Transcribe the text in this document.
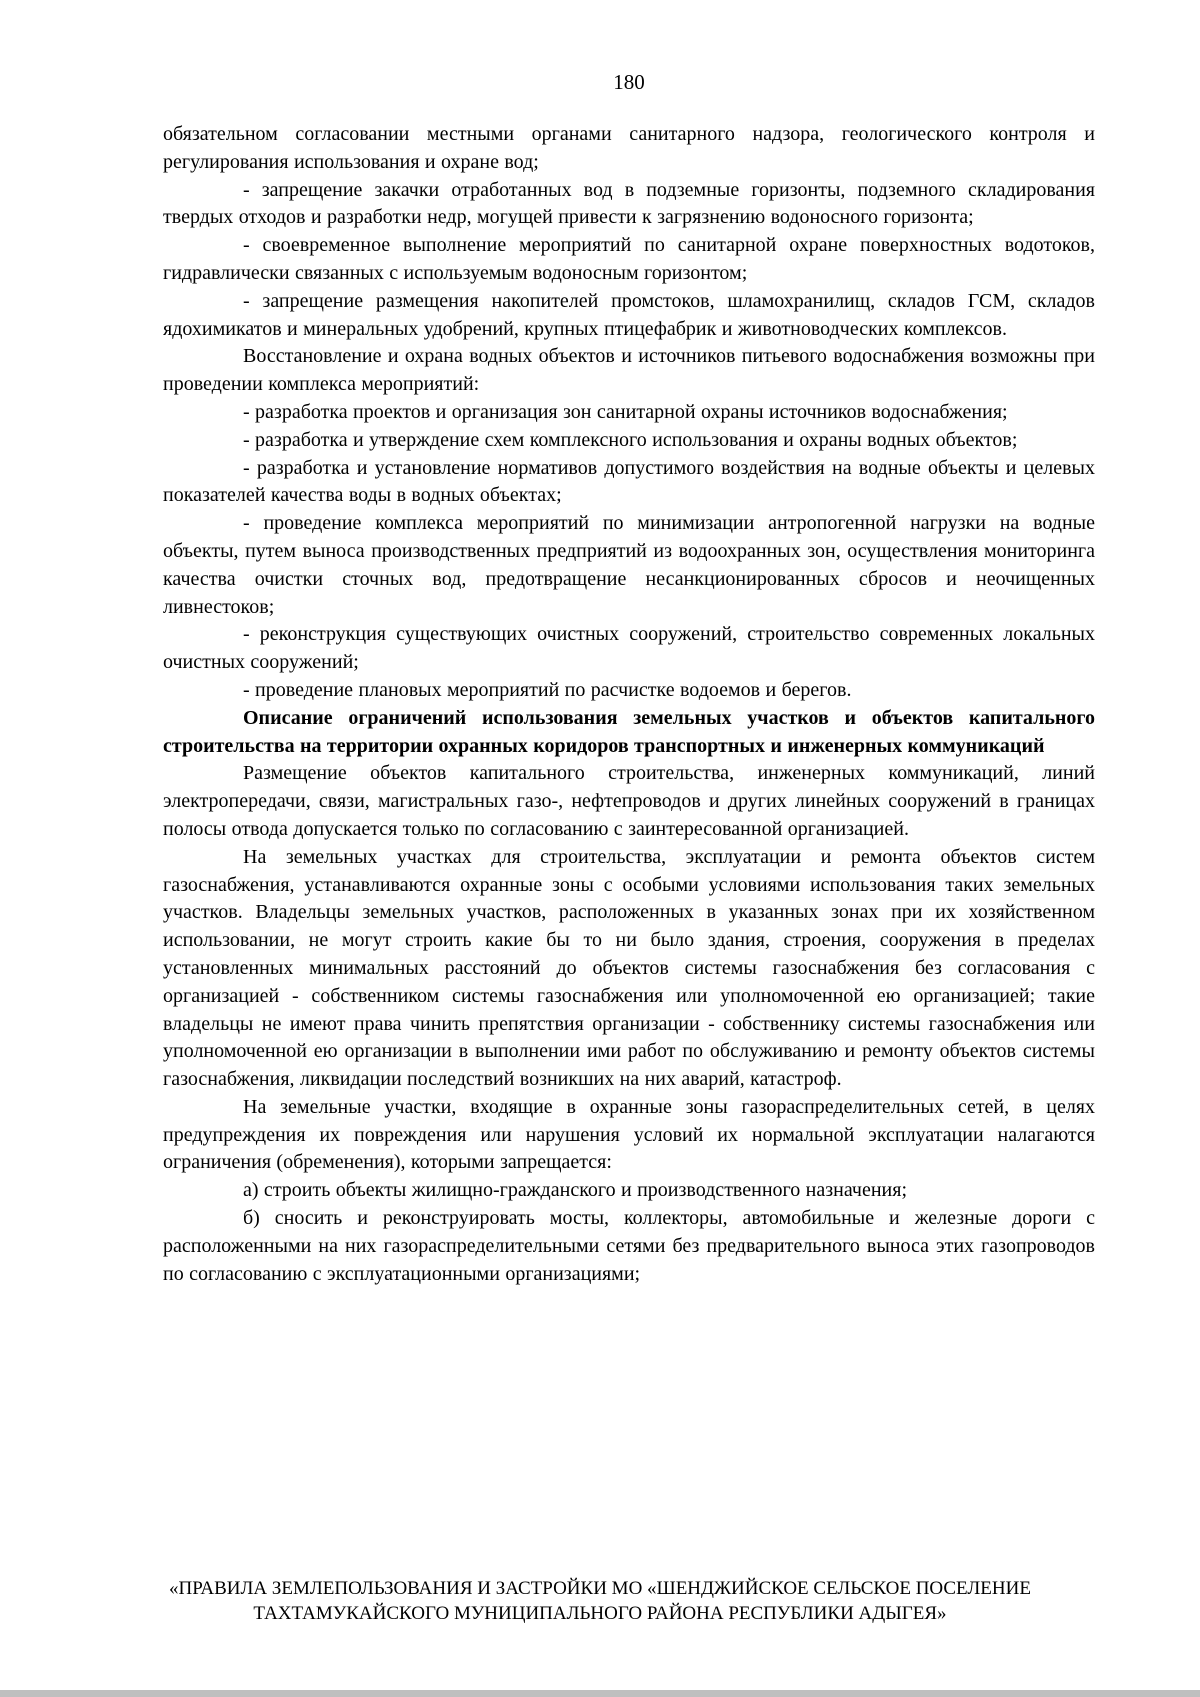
180

обязательном согласовании местными органами санитарного надзора, геологического контроля и регулирования использования и охране вод;

- запрещение закачки отработанных вод в подземные горизонты, подземного складирования твердых отходов и разработки недр, могущей привести к загрязнению водоносного горизонта;

- своевременное выполнение мероприятий по санитарной охране поверхностных водотоков, гидравлически связанных с используемым водоносным горизонтом;

- запрещение размещения накопителей промстоков, шламохранилищ, складов ГСМ, складов ядохимикатов и минеральных удобрений, крупных птицефабрик и животноводческих комплексов.

Восстановление и охрана водных объектов и источников питьевого водоснабжения возможны при проведении комплекса мероприятий:

- разработка проектов и организация зон санитарной охраны источников водоснабжения;

- разработка и утверждение схем комплексного использования и охраны водных объектов;

- разработка и установление нормативов допустимого воздействия на водные объекты и целевых показателей качества воды в водных объектах;

- проведение комплекса мероприятий по минимизации антропогенной нагрузки на водные объекты, путем выноса производственных предприятий из водоохранных зон, осуществления мониторинга качества очистки сточных вод, предотвращение несанкционированных сбросов и неочищенных ливнестоков;

- реконструкция существующих очистных сооружений, строительство современных локальных очистных сооружений;

- проведение плановых мероприятий по расчистке водоемов и берегов.

Описание ограничений использования земельных участков и объектов капитального строительства на территории охранных коридоров транспортных и инженерных коммуникаций

Размещение объектов капитального строительства, инженерных коммуникаций, линий электропередачи, связи, магистральных газо-, нефтепроводов и других линейных сооружений в границах полосы отвода допускается только по согласованию с заинтересованной организацией.

На земельных участках для строительства, эксплуатации и ремонта объектов систем газоснабжения, устанавливаются охранные зоны с особыми условиями использования таких земельных участков. Владельцы земельных участков, расположенных в указанных зонах при их хозяйственном использовании, не могут строить какие бы то ни было здания, строения, сооружения в пределах установленных минимальных расстояний до объектов системы газоснабжения без согласования с организацией - собственником системы газоснабжения или уполномоченной ею организацией; такие владельцы не имеют права чинить препятствия организации - собственнику системы газоснабжения или уполномоченной ею организации в выполнении ими работ по обслуживанию и ремонту объектов системы газоснабжения, ликвидации последствий возникших на них аварий, катастроф.

На земельные участки, входящие в охранные зоны газораспределительных сетей, в целях предупреждения их повреждения или нарушения условий их нормальной эксплуатации налагаются ограничения (обременения), которыми запрещается:

а) строить объекты жилищно-гражданского и производственного назначения;

б) сносить и реконструировать мосты, коллекторы, автомобильные и железные дороги с расположенными на них газораспределительными сетями без предварительного выноса этих газопроводов по согласованию с эксплуатационными организациями;

«ПРАВИЛА ЗЕМЛЕПОЛЬЗОВАНИЯ И ЗАСТРОЙКИ МО «ШЕНДЖИЙСКОЕ СЕЛЬСКОЕ ПОСЕЛЕНИЕ
ТАХТАМУКАЙСКОГО МУНИЦИПАЛЬНОГО РАЙОНА РЕСПУБЛИКИ АДЫГЕЯ»
